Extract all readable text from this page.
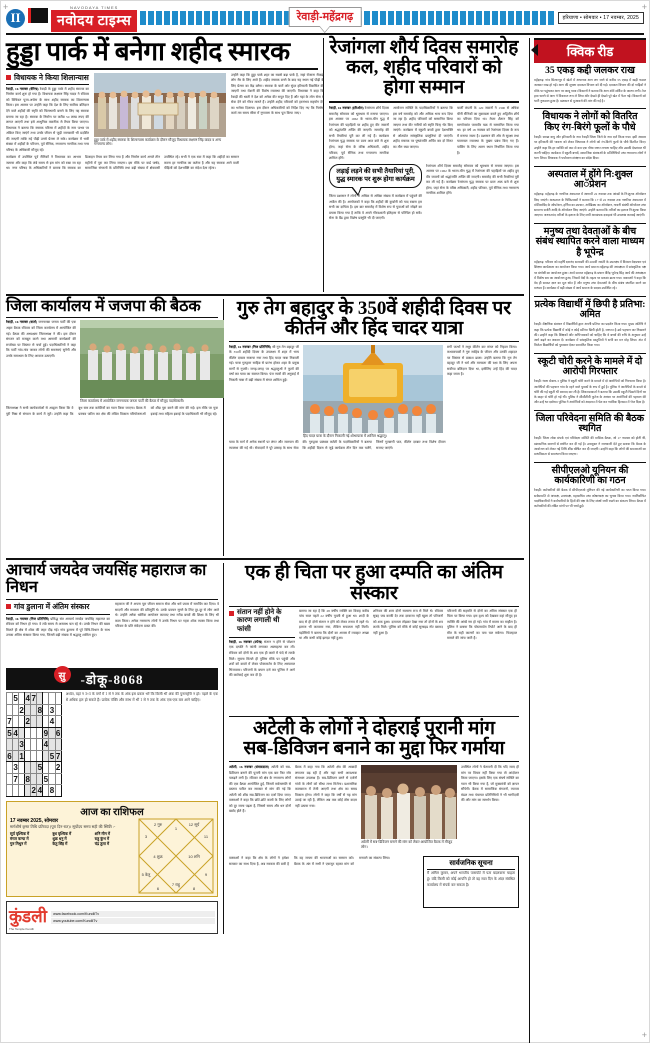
+	+
+
II
NAVODAYA TIMES
नवोदय टाइम्स	हरियाणा • सोमवार • 17 नवम्बर, 2025
रेवाड़ी-महेंद्रगढ़
हुड्डा पार्क में बनेगा शहीद स्मारक
विधायक ने किया शिलान्यास
रेवाड़ी, 16 नवम्बर (वीरेन्द्र) रेवाड़ी के हुड्डा पार्क में शहीद स्मारक का निर्माण कार्य शुरू हो गया है। विधायक लक्ष्मण सिंह यादव ने रविवार को विधिवत पूजा-अर्चना के साथ शहीद स्मारक का शिलान्यास किया। इस अवसर पर उन्होंने कहा कि देश के लिए सर्वोच्च बलिदान देने वाले शहीदों की स्मृति को चिरस्थायी बनाने के लिए यह स्मारक बनाया जा रहा है। स्मारक के निर्माण पर करीब 50 लाख रुपए की लागत आएगी तथा इसे आधुनिक तकनीक से तैयार किया जाएगा। विधायक ने बताया कि स्मारक परिसर में शहीदों के नाम पत्थर पर अंकित किए जाएंगे तथा उनके जीवन से जुड़ी जानकारी भी प्रदर्शित की जाएगी ताकि नई पीढ़ी उनसे प्रेरणा ले सके। कार्यक्रम में भारी संख्या में शहीदों के परिजन, पूर्व सैनिक, गणमान्य नागरिक तथा नगर परिषद के अधिकारी मौजूद रहे।
हुड्डा पार्क में शहीद स्मारक के शिलान्यास कार्यक्रम के दौरान मौजूद विधायक लक्ष्मण सिंह यादव व अन्य गणमान्य लोग।
उन्होंने कहा कि हुड्डा पार्क शहर का सबसे बड़ा पार्क है, जहां रोजाना सैकड़ों लोग सैर के लिए आते हैं। शहीद स्मारक बनने के बाद यह स्थान नई पीढ़ी के लिए प्रेरणा का केंद्र बनेगा। स्मारक के चारों ओर सुंदर हरियाली विकसित की जाएगी तथा रोशनी की विशेष व्यवस्था की जाएगी। विधायक ने कहा कि रेवाड़ी की धरती ने देश को अनेक वीर सपूत दिए हैं और यहां के लोग सेना में सेवा देने को गौरव मानते हैं। उन्होंने शहीद परिवारों को हरसंभव सहयोग देने का भरोसा दिलाया। इस दौरान अधिकारियों को निर्देश दिए गए कि निर्माण कार्य तय समय सीमा में गुणवत्ता के साथ पूरा किया जाए।
कार्यक्रम में उपस्थित पूर्व सैनिकों ने विधायक का आभार जताया और कहा कि लंबे समय से इस मांग को रखा जा रहा था। नगर परिषद के अधिकारियों ने बताया कि स्मारक का डिजाइन तैयार कर लिया गया है और निर्माण कार्य अगले तीन महीनों में पूरा कर लिया जाएगा। इस मौके पर वार्ड पार्षद, सामाजिक संगठनों के प्रतिनिधि तथा बड़ी संख्या में क्षेत्रवासी उपस्थित रहे। सभी ने एक स्वर में कहा कि शहीदों का सम्मान करना हर नागरिक का कर्तव्य है और यह स्मारक आने वाली पीढ़ियों को देशभक्ति का संदेश देता रहेगा।
रेजांगला शौर्य दिवस समारोह कल, शहीद परिवारों को होगा सम्मान
रेवाड़ी, 16 नवम्बर (हरिओम) रेजांगला शौर्य दिवस समारोह सोमवार को धूमधाम से मनाया जाएगा। इस अवसर पर 1962 के भारत-चीन युद्ध में रेजांगला की पहाड़ियों पर शहीद हुए वीर जवानों को श्रद्धांजलि अर्पित की जाएगी। समारोह की सभी तैयारियां पूरी कर ली गई हैं। कार्यक्रम रेजांगला युद्ध स्मारक पर प्रातः आठ बजे से शुरू होगा, जहां सेना के वरिष्ठ अधिकारी, शहीद परिवार, पूर्व सैनिक तथा गणमान्य नागरिक शामिल होंगे।
आयोजन समिति के पदाधिकारियों ने बताया कि इस वर्ष समारोह को और अधिक भव्य रूप दिया जा रहा है। शहीद परिवारों को सम्मानित किया जाएगा तथा वीर नारियों को स्मृति चिन्ह भेंट किए जाएंगे। कार्यक्रम में स्कूली बच्चों द्वारा देशभक्ति से ओतप्रोत सांस्कृतिक प्रस्तुतियां दी जाएंगी। शहीद स्मारक पर पुष्पांजलि अर्पित कर दो मिनट का मौन रखा जाएगा।
चार्ली कंपनी के 120 जवानों ने 1300 से अधिक चीनी सैनिकों का मुकाबला करते हुए अद्वितीय शौर्य का परिचय दिया था। मेजर शैतान सिंह को मरणोपरांत परमवीर चक्र से सम्मानित किया गया था। हर वर्ष 18 नवम्बर को रेजांगला दिवस के रूप में मनाया जाता है। प्रशासन की ओर से सुरक्षा तथा यातायात व्यवस्था के पुख्ता प्रबंध किए गए हैं। पार्किंग के लिए अलग स्थान निर्धारित किया गया है।
लड़ाई लड़ने की सभी तैयारियां पूरी, युद्ध स्मारक पर शुरू होगा कार्यक्रम
जिला प्रशासन ने लोगों से अधिक से अधिक संख्या में कार्यक्रम में पहुंचने की अपील की है। आयोजकों ने कहा कि शहीदों की कुर्बानी को याद रखना हम सभी का दायित्व है। इस बार समारोह में विशेष रूप से युवाओं को जोड़ने का प्रयास किया गया है ताकि वे अपने गौरवशाली इतिहास से परिचित हो सकें। सेना के बैंड द्वारा विशेष प्रस्तुति भी दी जाएगी।
रेजांगला शौर्य दिवस समारोह सोमवार को धूमधाम से मनाया जाएगा। इस अवसर पर 1962 के भारत-चीन युद्ध में रेजांगला की पहाड़ियों पर शहीद हुए वीर जवानों को श्रद्धांजलि अर्पित की जाएगी। समारोह की सभी तैयारियां पूरी कर ली गई हैं। कार्यक्रम रेजांगला युद्ध स्मारक पर प्रातः आठ बजे से शुरू होगा, जहां सेना के वरिष्ठ अधिकारी, शहीद परिवार, पूर्व सैनिक तथा गणमान्य नागरिक शामिल होंगे।
जिला कार्यालय में जजपा की बैठक
रेवाड़ी, 16 नवम्बर (वार्ता) जननायक जनता पार्टी की एक अहम बैठक रविवार को जिला कार्यालय में आयोजित की गई। बैठक की अध्यक्षता जिलाध्यक्ष ने की। इस दौरान संगठन को मजबूत करने तथा आगामी कार्यक्रमों की रूपरेखा पर विस्तार से चर्चा हुई। पदाधिकारियों ने कहा कि पार्टी गांव-गांव जाकर लोगों की समस्याएं सुनेगी और उनके समाधान के लिए आवाज उठाएगी।
जिला कार्यालय में आयोजित जननायक जनता पार्टी की बैठक में मौजूद पदाधिकारी।
जिलाध्यक्ष ने सभी कार्यकर्ताओं से आह्वान किया कि वे पूरी निष्ठा से संगठन के कार्य में जुटें। उन्होंने कहा कि बूथ स्तर तक कमेटियों का गठन किया जाएगा। बैठक में प्रस्ताव पारित कर क्षेत्र की लंबित विकास परियोजनाओं को शीघ्र पूरा करने की मांग की गई। इस मौके पर युवा इकाई तथा महिला इकाई के पदाधिकारी भी मौजूद रहे।
गुरु तेग बहादुर के 350वें शहीदी दिवस पर कीर्तन और हिंद चादर यात्रा
रेवाड़ी, 16 नवम्बर (निज प्रतिनिधि) श्री गुरु तेग बहादुर जी के 350वें शहीदी दिवस के उपलक्ष्य में शहर में भव्य कीर्तन दरबार सजाया गया तथा हिंद चादर यात्रा निकाली गई। यात्रा गुरुद्वारा साहिब से प्रारंभ होकर शहर के प्रमुख मार्गों से गुजरी। जगह-जगह पर श्रद्धालुओं ने फूलों की वर्षा कर यात्रा का स्वागत किया। पंज प्यारों की अगुवाई में निकली यात्रा में बड़ी संख्या में संगत शामिल हुई।
हिंद चादर यात्रा के दौरान निकाली गई शोभायात्रा में शामिल श्रद्धालु।
रागी जत्थों ने मधुर कीर्तन कर संगत को निहाल किया। कथावाचकों ने गुरु साहिब के जीवन और उनकी शहादत पर विस्तार से प्रकाश डाला। उन्होंने बताया कि गुरु तेग बहादुर जी ने धर्म और मानवता की रक्षा के लिए अपना सर्वोच्च बलिदान दिया था, इसीलिए उन्हें हिंद की चादर कहा जाता है।
यात्रा के मार्ग में अनेक स्थानों पर लंगर और जलपान की व्यवस्था की गई थी। सेवादारों ने पूरे उत्साह के साथ सेवा की। गुरुद्वारा प्रबंधक कमेटी के पदाधिकारियों ने बताया कि शहीदी दिवस से जुड़े कार्यक्रम तीन दिन तक चलेंगे, जिनमें गुरबाणी पाठ, कीर्तन दरबार तथा विशेष दीवान सजाए जाएंगे।
आचार्य जयदेव जयसिंह महाराज का निधन
गांव डुलाना में अंतिम संस्कार
रेवाड़ी, 16 नवम्बर (निज प्रतिनिधि) प्रसिद्ध संत आचार्य जयदेव जयसिंह महाराज का रविवार को निधन हो गया। वे लंबे समय से अस्वस्थ चल रहे थे। उनके निधन की खबर मिलते ही क्षेत्र में शोक की लहर दौड़ गई। गांव डुलाना में पूरे विधि-विधान के साथ उनका अंतिम संस्कार किया गया, जिसमें बड़ी संख्या में श्रद्धालु शामिल हुए।
महाराज जी ने अपना पूरा जीवन समाज सेवा और धर्म प्रचार में समर्पित कर दिया। वे सादगी और सरलता की प्रतिमूर्ति थे। उनके प्रवचन सुनने के लिए दूर-दूर से लोग आते थे। उन्होंने अनेक धार्मिक आयोजन करवाए तथा गरीब बच्चों की शिक्षा के लिए भी काम किया। अनेक गणमान्य लोगों ने उनके निधन पर गहरा शोक व्यक्त किया तथा परिवार के प्रति संवेदना प्रकट की।
सु	-डोकू-8068
	5		4	7				
		2			8		3	
7			2				4	
5	4					9		6
		3				4		
6		1					5	7
	3				5			2
	7		8			5		
				2	4		8	
अर्थात, यहां न 3×3 के वर्गों में 1 से 9 तक के अंक इस प्रकार भरें कि किसी भी अंक की पुनरावृत्ति न हो। पहले के एक से अधिक हल हो सकते हैं। प्रत्येक पंक्ति और स्तंभ में भी 1 से 9 तक के अंक एक-एक बार आने चाहिए।
आज का राशिफल
17 नवम्बर 2025, सोमवार
मार्गशीर्ष कृष्ण तिथि प्रतिपदा (पूरा दिन-रात)। सूर्योदय समय सही की स्थिति :-
सूर्य वृश्चिक में	बुध वृश्चिक में	शनि मीन में
मंगल कन्या में	शुक्र धनु में	राहु कुंभ में
गुरु मिथुन में	केतु सिंह में	चंद्र तुला में
1
2 गुरु
3
4 शुक्र
5 केतु
6
7 राहु
8
9
10 शनि
11
12 सूर्य
कुंडली
The Temple Kundli
www.facebook.com/KundliTv
www.youtube.com/KundliTv
एक ही चिता पर हुआ दम्पति का अंतिम संस्कार
संतान नहीं होने के कारण लगाली थी फांसी
रेवाड़ी, 16 नवम्बर (उपेन्द्र) संतान न होने से परेशान एक दम्पति ने फांसी लगाकर आत्महत्या कर ली। रविवार को दोनों के शव एक ही कमरे में फंदे से लटके मिले। सूचना मिलते ही पुलिस मौके पर पहुंची और शवों को कब्जे में लेकर पोस्टमार्टम के लिए अस्पताल भिजवाया। परिजनों के बयान दर्ज कर पुलिस ने आगे की कार्रवाई शुरू कर दी है।
बताया जा रहा है कि 28 वर्षीय व्यक्ति का विवाह करीब पांच साल पहले 22 वर्षीय युवती से हुआ था। शादी के बाद से ही दोनों संतान न होने को लेकर तनाव में रहते थे। इलाज भी करवाया गया, लेकिन सफलता नहीं मिली। पड़ोसियों ने बताया कि दोनों का आपस में व्यवहार अच्छा था और कभी कोई झगड़ा नहीं हुआ।
शनिवार की शाम दोनों सामान्य रूप से मिले थे। रविवार सुबह जब काफी देर तक दरवाजा नहीं खुला तो परिजनों को शक हुआ। दरवाजा तोड़कर देखा गया तो दोनों के शव लटके मिले। पुलिस को मौके से कोई सुसाइड नोट बरामद नहीं हुआ है।
परिजनों की सहमति से दोनों का अंतिम संस्कार एक ही चिता पर किया गया। इस दृश्य को देखकर वहां मौजूद हर व्यक्ति की आंखें नम हो गईं। गांव में मातम का माहौल है। पुलिस ने बताया कि पोस्टमार्टम रिपोर्ट आने के बाद ही मौत के सही कारणों का पता चल सकेगा। फिलहाल मामले की जांच जारी है।
अटेली के लोगों ने दोहराई पुरानी मांग
सब-डिविजन बनाने का मुद्दा फिर गर्माया
अटेली, 16 नवम्बर (संवाददाता) अटेली को सब-डिविजन बनाने की पुरानी मांग एक बार फिर जोर पकड़ने लगी है। रविवार को क्षेत्र के गणमान्य लोगों की एक बैठक आयोजित हुई, जिसमें सर्वसम्मति से प्रस्ताव पारित कर सरकार से मांग की गई कि अटेली को शीघ्र सब-डिविजन का दर्जा दिया जाए। वक्ताओं ने कहा कि छोटे-छोटे कामों के लिए लोगों को दूर जाना पड़ता है, जिससे समय और धन दोनों बर्बाद होते हैं।
बैठक में कहा गया कि अटेली क्षेत्र की आबादी लगातार बढ़ रही है और यहां सभी आवश्यक संसाधन उपलब्ध हैं। सब-डिविजन बनने से दर्जनों गांवों के लोगों को सीधा लाभ मिलेगा। प्रशासनिक कामकाज में तेजी आएगी तथा क्षेत्र का समग्र विकास होगा। लोगों ने कहा कि वर्षों से यह मांग उठाई जा रही है, लेकिन अब तक कोई ठोस कदम नहीं उठाया गया।
अटेली में सब-डिविजन बनाने की मांग को लेकर आयोजित बैठक में मौजूद लोग।
उपस्थित लोगों ने चेतावनी दी कि यदि जल्द ही मांग पर विचार नहीं किया गया तो आंदोलन किया जाएगा। इसके लिए एक संघर्ष समिति का गठन भी किया गया है, जो मुख्यमंत्री को ज्ञापन सौंपेगी। बैठक में सामाजिक संगठनों, व्यापार मंडल तथा पंचायत प्रतिनिधियों ने भी भागीदारी की और मांग का समर्थन किया।
वक्ताओं ने कहा कि क्षेत्र के लोगों ने हमेशा सरकार का साथ दिया है, अब सरकार की बारी है कि वह जनता की भावनाओं का सम्मान करे। बैठक के अंत में सभी ने एकजुट रहकर मांग को मनवाने का संकल्प लिया।
सार्वजनिक सूचना
मैं अनिल कुमार, अपने भारतीय पासपोर्ट में पता बदलवाना चाहता हूं। यदि किसी को कोई आपत्ति हो तो वह सात दिन के अंदर संबंधित कार्यालय में संपर्क कर सकता है।
क्विक रीड
35 एकड़ कद्दी जलकर राख
महेंद्रगढ़: गांव सिलारपुर में खेतों में अचानक आग लग जाने से करीब 35 एकड़ में खड़ी फसल जलकर राख हो गई। आग की सूचना दमकल विभाग को दी गई। दमकल विभाग की दो गाड़ियों ने मौके पर पहुंचकर आग पर काबू पाया। किसानों ने बताया कि आग शॉर्ट सर्किट के कारण लगी। तेज हवा चलने से आग ने विकराल रूप ले लिया और देखते ही देखते पूरे खेत में फैल गई। किसानों को भारी नुकसान हुआ है। प्रशासन से मुआवजे की मांग की गई है।
विधायक ने लोगों को वितरित किए रंग-बिरंगे फूलों के पौधे
रेवाड़ी: स्वच्छ वायु और हरियाली के नाम रेवाड़ी जिला जिले के नाम दर्ज किया गया। इसी अवसर पर हरियाली की भावना को लेकर विधायक ने लोगों को रंग-बिरंगे फूलों के पौधे वितरित किए। उन्होंने कहा कि हर व्यक्ति को कम से कम एक पौधा जरूर लगाना चाहिए और उसकी देखभाल भी करनी चाहिए। कार्यक्रम में स्कूली बच्चों, सामाजिक संस्थाओं के प्रतिनिधियों तथा गणमान्य लोगों ने भाग लिया। विधायक ने पर्यावरण संरक्षण का संदेश दिया।
अस्पताल में होंगे नि:शुक्ल आॅप्रेशन
महेंद्रगढ़: महेंद्रगढ़ के नागरिक अस्पताल में आगामी 22 नवम्बर तक आंखों के नि:शुल्क ऑपरेशन किए जाएंगे। अस्पताल के चिकित्सकों ने बताया कि 17 से 22 नवम्बर तक नागरिक अस्पताल में मोतियाबिंद के ऑपरेशन, हर्निया का उपचार, अपेंडिक्स का ऑपरेशन, गायनी संबंधी ऑपरेशन तथा सामान्य सर्जरी आदि के ऑपरेशन किए जाएंगे। उन्होंने बताया कि मरीजों का इलाज नि:शुल्क किया जाएगा। जरूरतमंद मरीजों के इलाज के लिए सभी आवश्यक दवाइयां भी उपलब्ध करवाई जाएंगी।
मनुष्य तथा देवताओं के बीच संबंध स्थापित करने वाला माध्यम है भूपेन्द्र
महेंद्रगढ़: परिवार को महर्षि दयानंद सरस्वती की 200वीं जयंती के उपलक्ष्य में विशाल वेदप्रचार एवं शिक्षण कार्यशाला का आयोजन किया गया। आर्य समाज महेंद्रगढ़ की अध्यक्षता में सांस्कृतिक पक्ष पर संगोष्ठी का आयोजन हुआ। आर्य समाज महेंद्रगढ़ के प्रधान वीरेंद्र भूपेन्द्र सिंह आर्य की अध्यक्षता में विशेष सत्र का आयोजन हुआ, जिसमें वेदों के महत्व पर प्रकाश डाला गया। वक्ताओं ने कहा कि वेद ही समस्त ज्ञान का मूल स्रोत हैं और मनुष्य तथा देवताओं के बीच संबंध स्थापित करने का माध्यम हैं। कार्यक्रम में बड़ी संख्या में आर्य समाज के सदस्य उपस्थित रहे।
प्रत्येक विद्यार्थी में छिपी है प्रतिभा: अमित
रेवाड़ी: शैक्षणिक संस्थान में विद्यार्थियों द्वारा अपनी प्रतिभा का प्रदर्शन किया गया। मुख्य अतिथि ने कहा कि प्रत्येक विद्यार्थी में कोई न कोई प्रतिभा छिपी होती है, जरूरत है उसे पहचान कर निखारने की। उन्होंने कहा कि शिक्षकों और अभिभावकों को चाहिए कि वे बच्चों की रुचि के अनुसार उन्हें आगे बढ़ने का अवसर दें। कार्यक्रम में सांस्कृतिक प्रस्तुतियों ने सभी का मन मोह लिया। अंत में विजेता विद्यार्थियों को पुरस्कार देकर सम्मानित किया गया।
स्कूटी चोरी करने के मामले में दो आरोपी गिरफ्तार
रेवाड़ी: थाना सेक्टर-3 पुलिस ने स्कूटी चोरी करने के मामले में दो आरोपियों को गिरफ्तार किया है। आरोपियों की पहचान गांव के रहने वाले युवकों के रूप में हुई है। पुलिस ने आरोपियों के कब्जे से चोरी की गई स्कूटी भी बरामद कर ली है। शिकायतकर्ता ने बताया कि उसकी स्कूटी पिछले दिनों घर के बाहर से चोरी हो गई थी। पुलिस ने सीसीटीवी फुटेज के आधार पर आरोपियों की पहचान की और उन्हें धर दबोचा। पुलिस ने आरोपियों को अदालत में पेश कर न्यायिक हिरासत में भेज दिया है।
जिला परिवेदना समिति की बैठक स्थगित
रेवाड़ी: जिला लोक संपर्क एवं परिवेदना समिति की मासिक बैठक, जो 17 नवम्बर को होनी थी, प्रशासनिक कारणों से स्थगित कर दी गई है। उपायुक्त ने जानकारी देते हुए बताया कि बैठक के आयोजन को लेकर नई तिथि शीघ्र घोषित कर दी जाएगी। उन्होंने कहा कि लोगों की समस्याओं का प्राथमिकता से समाधान किया जाएगा।
सीपीएलओ यूनियन की कार्यकारिणी का गठन
रेवाड़ी: कर्मचारियों की बैठक में सीपीएलओ यूनियन की नई कार्यकारिणी का गठन किया गया। सर्वसम्मति से अध्यक्ष, उपाध्यक्ष, महासचिव तथा कोषाध्यक्ष का चुनाव किया गया। नवनिर्वाचित पदाधिकारियों ने कर्मचारियों के हितों की रक्षा के लिए संघर्ष जारी रखने का संकल्प लिया। बैठक में कर्मचारियों की लंबित मांगों पर भी चर्चा हुई।
